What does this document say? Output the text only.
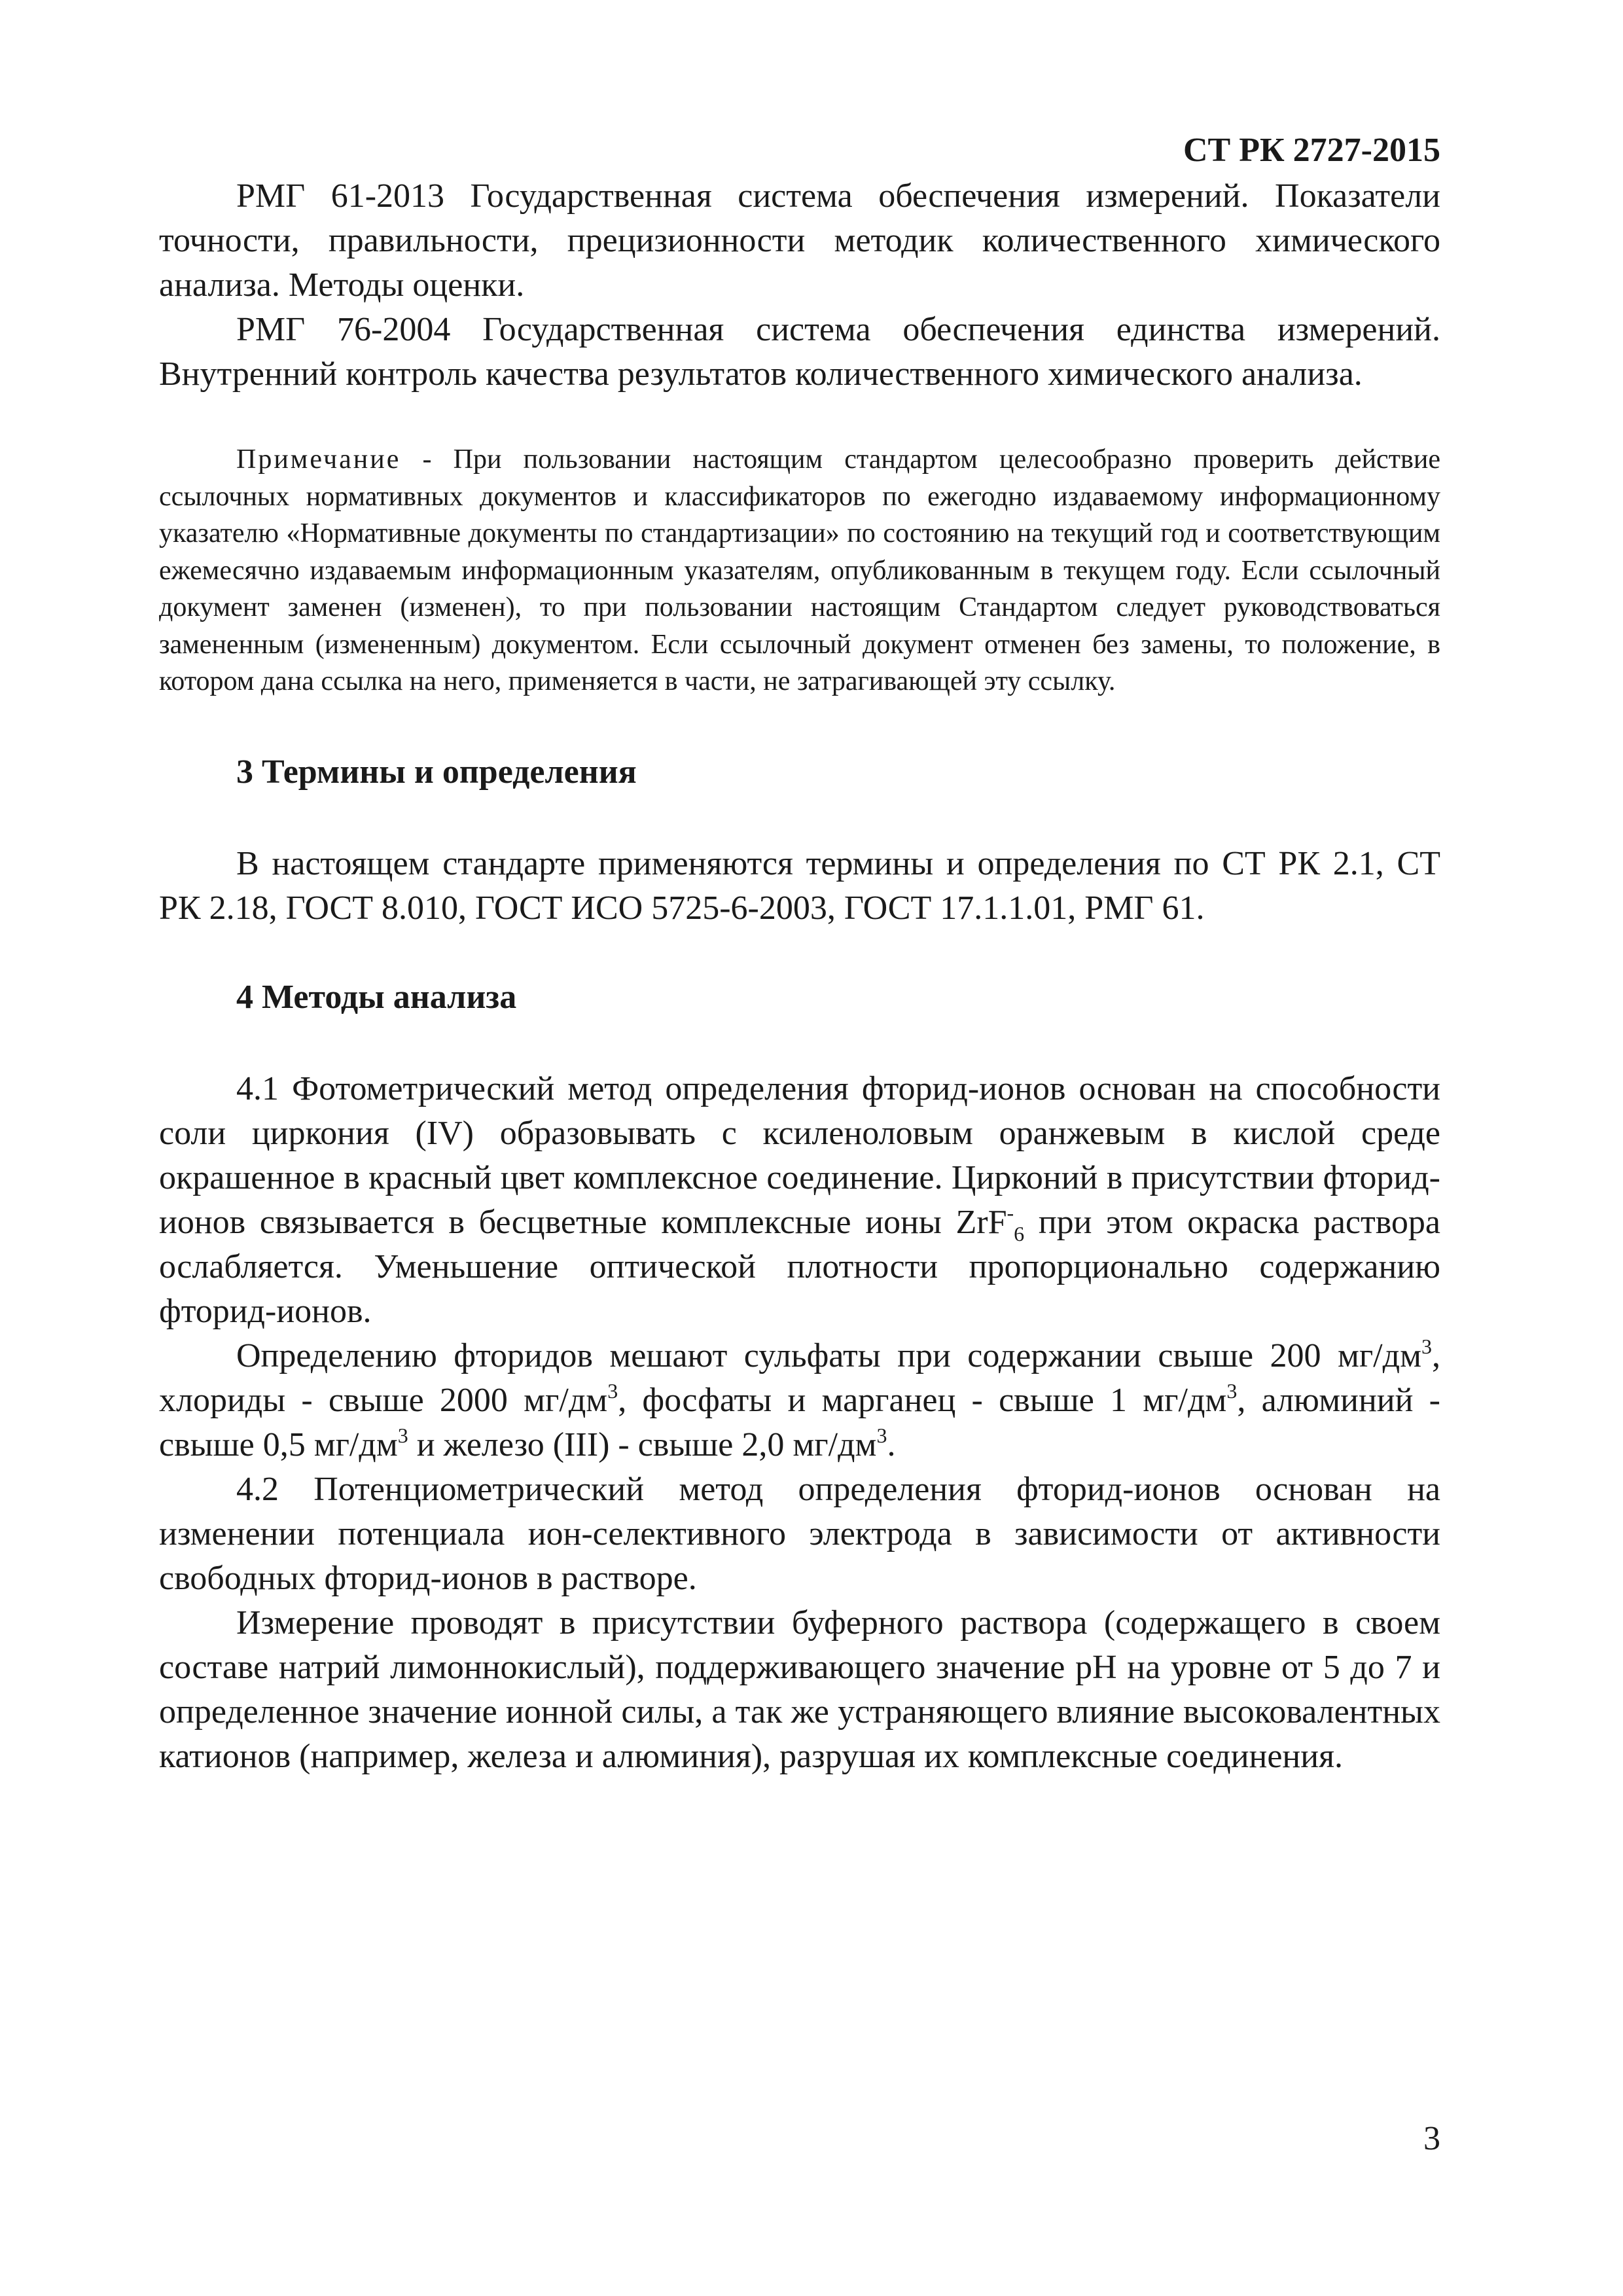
СТ РК 2727-2015

РМГ 61-2013 Государственная система обеспечения измерений. Показатели точности, правильности, прецизионности методик количественного химического анализа. Методы оценки.

РМГ 76-2004 Государственная система обеспечения единства измерений. Внутренний контроль качества результатов количественного химического анализа.

Примечание - При пользовании настоящим стандартом целесообразно проверить действие ссылочных нормативных документов и классификаторов по ежегодно издаваемому информационному указателю «Нормативные документы по стандартизации» по состоянию на текущий год и соответствующим ежемесячно издаваемым информационным указателям, опубликованным в текущем году. Если ссылочный документ заменен (изменен), то при пользовании настоящим Стандартом следует руководствоваться замененным (измененным) документом. Если ссылочный документ отменен без замены, то положение, в котором дана ссылка на него, применяется в части, не затрагивающей эту ссылку.

3 Термины и определения

В настоящем стандарте применяются термины и определения по СТ РК 2.1, СТ РК 2.18, ГОСТ 8.010, ГОСТ ИСО 5725-6-2003, ГОСТ 17.1.1.01, РМГ 61.

4 Методы анализа

4.1 Фотометрический метод определения фторид-ионов основан на способности соли циркония (IV) образовывать с ксиленоловым оранжевым в кислой среде окрашенное в красный цвет комплексное соединение. Цирконий в присутствии фторид-ионов связывается в бесцветные комплексные ионы ZrF-$_6$ при этом окраска раствора ослабляется. Уменьшение оптической плотности пропорционально содержанию фторид-ионов.

Определению фторидов мешают сульфаты при содержании свыше 200 $мг/дм^3$, хлориды - свыше 2000 $мг/дм^3$, фосфаты и марганец - свыше 1 $мг/дм^3$, алюминий - свыше 0,5 $мг/дм^3$ и железо (III) - свыше 2,0 $мг/дм^3$.

4.2 Потенциометрический метод определения фторид-ионов основан на изменении потенциала ион-селективного электрода в зависимости от активности свободных фторид-ионов в растворе.

Измерение проводят в присутствии буферного раствора (содержащего в своем составе натрий лимоннокислый), поддерживающего значение pH на уровне от 5 до 7 и определенное значение ионной силы, а так же устраняющего влияние высоковалентных катионов (например, железа и алюминия), разрушая их комплексные соединения.

3
